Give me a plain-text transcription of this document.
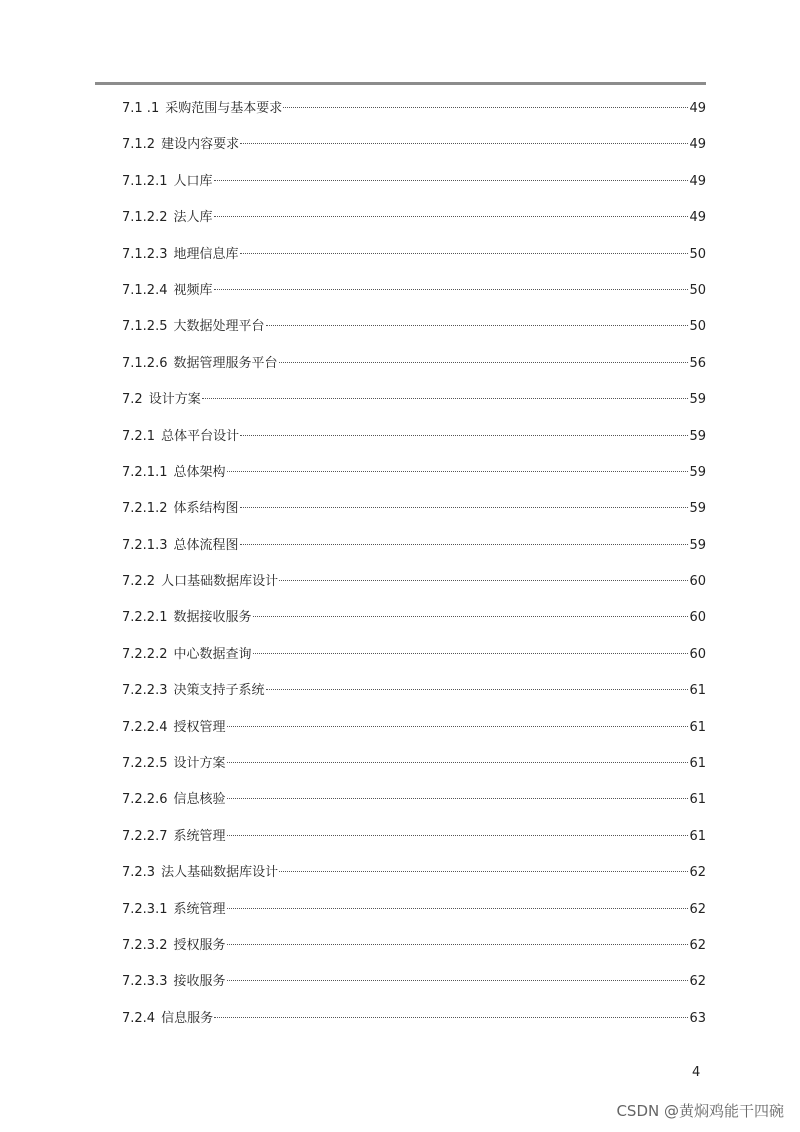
7.1 .1 采购范围与基本要求	49
7.1.2 建设内容要求	49
7.1.2.1 人口库	49
7.1.2.2 法人库	49
7.1.2.3 地理信息库	50
7.1.2.4 视频库	50
7.1.2.5 大数据处理平台	50
7.1.2.6 数据管理服务平台	56
7.2 设计方案	59
7.2.1 总体平台设计	59
7.2.1.1 总体架构	59
7.2.1.2 体系结构图	59
7.2.1.3 总体流程图	59
7.2.2 人口基础数据库设计	60
7.2.2.1 数据接收服务	60
7.2.2.2 中心数据查询	60
7.2.2.3 决策支持子系统	61
7.2.2.4 授权管理	61
7.2.2.5 设计方案	61
7.2.2.6 信息核验	61
7.2.2.7 系统管理	61
7.2.3 法人基础数据库设计	62
7.2.3.1 系统管理	62
7.2.3.2 授权服务	62
7.2.3.3 接收服务	62
7.2.4 信息服务	63
4
CSDN @黄焖鸡能干四碗
